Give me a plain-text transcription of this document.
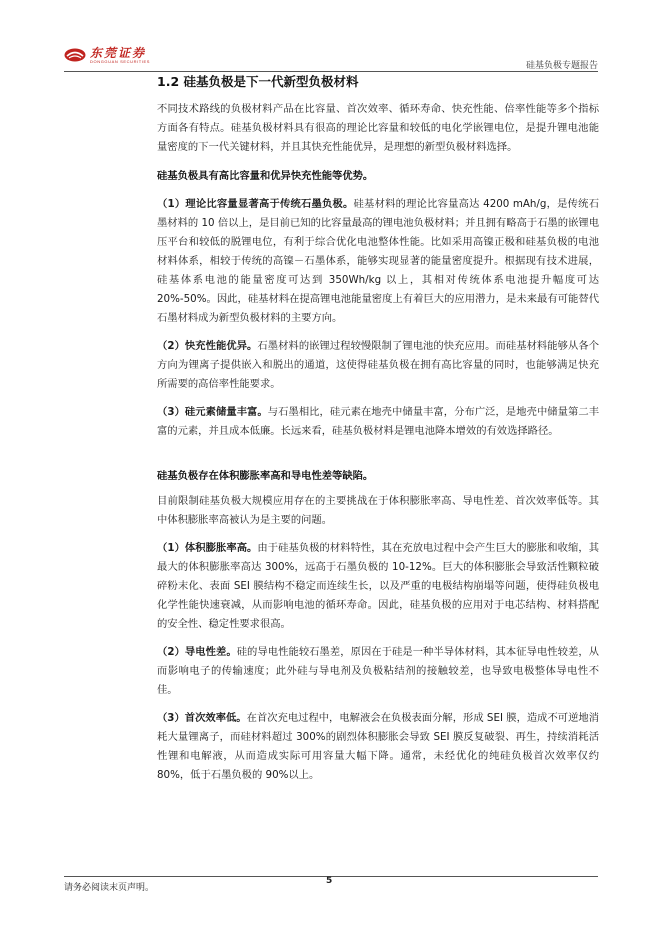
东莞证券
DONGGUAN SECURITIES	硅基负极专题报告
1.2 硅基负极是下一代新型负极材料

不同技术路线的负极材料产品在比容量、首次效率、循环寿命、快充性能、倍率性能等多个指标方面各有特点。硅基负极材料具有很高的理论比容量和较低的电化学嵌锂电位，是提升锂电池能量密度的下一代关键材料，并且其快充性能优异，是理想的新型负极材料选择。

硅基负极具有高比容量和优异快充性能等优势。

（1）理论比容量显著高于传统石墨负极。硅基材料的理论比容量高达 4200 mAh/g，是传统石墨材料的 10 倍以上，是目前已知的比容量最高的锂电池负极材料；并且拥有略高于石墨的嵌锂电压平台和较低的脱锂电位，有利于综合优化电池整体性能。比如采用高镍正极和硅基负极的电池材料体系，相较于传统的高镍－石墨体系，能够实现显著的能量密度提升。根据现有技术进展，硅基体系电池的能量密度可达到 350Wh/kg 以上，其相对传统体系电池提升幅度可达 20%-50%。因此，硅基材料在提高锂电池能量密度上有着巨大的应用潜力，是未来最有可能替代石墨材料成为新型负极材料的主要方向。

（2）快充性能优异。石墨材料的嵌锂过程较慢限制了锂电池的快充应用。而硅基材料能够从各个方向为锂离子提供嵌入和脱出的通道，这使得硅基负极在拥有高比容量的同时，也能够满足快充所需要的高倍率性能要求。

（3）硅元素储量丰富。与石墨相比，硅元素在地壳中储量丰富，分布广泛，是地壳中储量第二丰富的元素，并且成本低廉。长远来看，硅基负极材料是锂电池降本增效的有效选择路径。

硅基负极存在体积膨胀率高和导电性差等缺陷。

目前限制硅基负极大规模应用存在的主要挑战在于体积膨胀率高、导电性差、首次效率低等。其中体积膨胀率高被认为是主要的问题。

（1）体积膨胀率高。由于硅基负极的材料特性，其在充放电过程中会产生巨大的膨胀和收缩，其最大的体积膨胀率高达 300%，远高于石墨负极的 10-12%。巨大的体积膨胀会导致活性颗粒破碎粉末化、表面 SEI 膜结构不稳定而连续生长，以及严重的电极结构崩塌等问题，使得硅负极电化学性能快速衰减，从而影响电池的循环寿命。因此，硅基负极的应用对于电芯结构、材料搭配的安全性、稳定性要求很高。

（2）导电性差。硅的导电性能较石墨差，原因在于硅是一种半导体材料，其本征导电性较差，从而影响电子的传输速度；此外硅与导电剂及负极粘结剂的接触较差，也导致电极整体导电性不佳。

（3）首次效率低。在首次充电过程中，电解液会在负极表面分解，形成 SEI 膜，造成不可逆地消耗大量锂离子，而硅材料超过 300%的剧烈体积膨胀会导致 SEI 膜反复破裂、再生，持续消耗活性锂和电解液，从而造成实际可用容量大幅下降。通常，未经优化的纯硅负极首次效率仅约 80%，低于石墨负极的 90%以上。

请务必阅读末页声明。
5
